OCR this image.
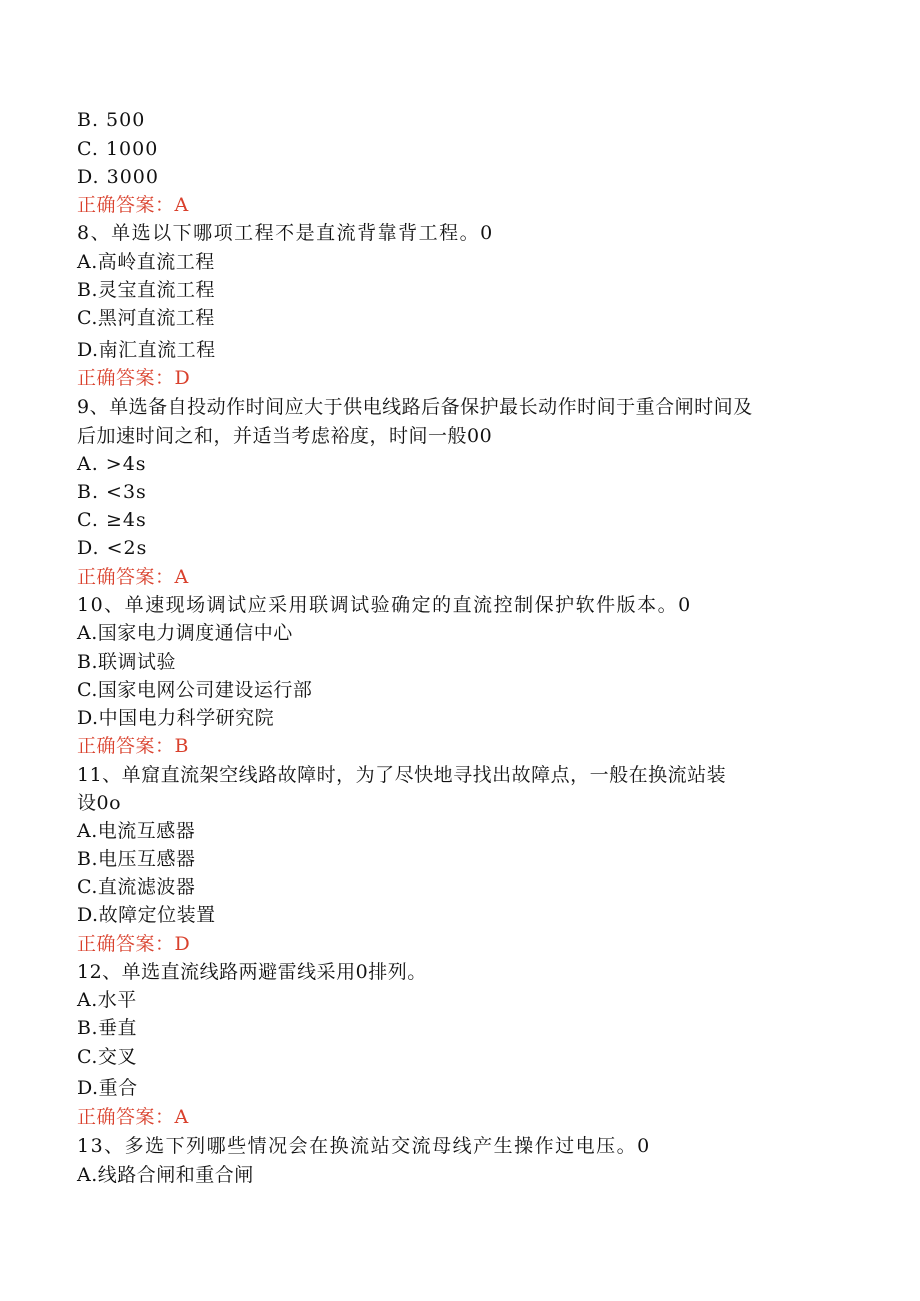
B. 500
C. 1000
D. 3000
正确答案：A
8、单选以下哪项工程不是直流背靠背工程。0
A.高岭直流工程
B.灵宝直流工程
C.黑河直流工程
D.南汇直流工程
正确答案：D
9、单选备自投动作时间应大于供电线路后备保护最长动作时间于重合闸时间及
后加速时间之和，并适当考虑裕度，时间一般00
A. >4s
B. <3s
C. ≥4s
D. <2s
正确答案：A
10、单速现场调试应采用联调试验确定的直流控制保护软件版本。0
A.国家电力调度通信中心
B.联调试验
C.国家电网公司建设运行部
D.中国电力科学研究院
正确答案：B
11、单窟直流架空线路故障时，为了尽快地寻找出故障点，一般在换流站装
设0o
A.电流互感器
B.电压互感器
C.直流滤波器
D.故障定位装置
正确答案：D
12、单选直流线路两避雷线采用0排列。
A.水平
B.垂直
C.交叉
D.重合
正确答案：A
13、多选下列哪些情况会在换流站交流母线产生操作过电压。0
A.线路合闸和重合闸
